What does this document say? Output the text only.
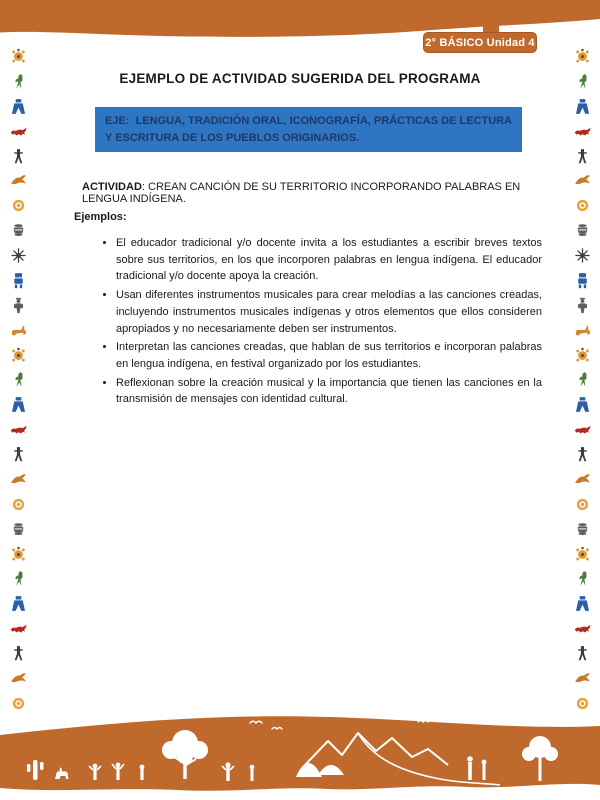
2° BÁSICO Unidad 4
EJEMPLO DE ACTIVIDAD SUGERIDA DEL PROGRAMA
EJE: LENGUA, TRADICIÓN ORAL, ICONOGRAFÍA, PRÁCTICAS DE LECTURA Y ESCRITURA DE LOS PUEBLOS ORIGINARIOS.

ACTIVIDAD: CREAN CANCIÓN DE SU TERRITORIO INCORPORANDO PALABRAS EN LENGUA INDÍGENA.

Ejemplos:

• El educador tradicional y/o docente invita a los estudiantes a escribir breves textos sobre sus territorios, en los que incorporen palabras en lengua indígena. El educador tradicional y/o docente apoya la creación.
• Usan diferentes instrumentos musicales para crear melodías a las canciones creadas, incluyendo instrumentos musicales indígenas y otros elementos que ellos consideren apropiados y no necesariamente deben ser instrumentos.
• Interpretan las canciones creadas, que hablan de sus territorios e incorporan palabras en lengua indígena, en festival organizado por los estudiantes.
• Reflexionan sobre la creación musical y la importancia que tienen las canciones en la transmisión de mensajes con identidad cultural.
